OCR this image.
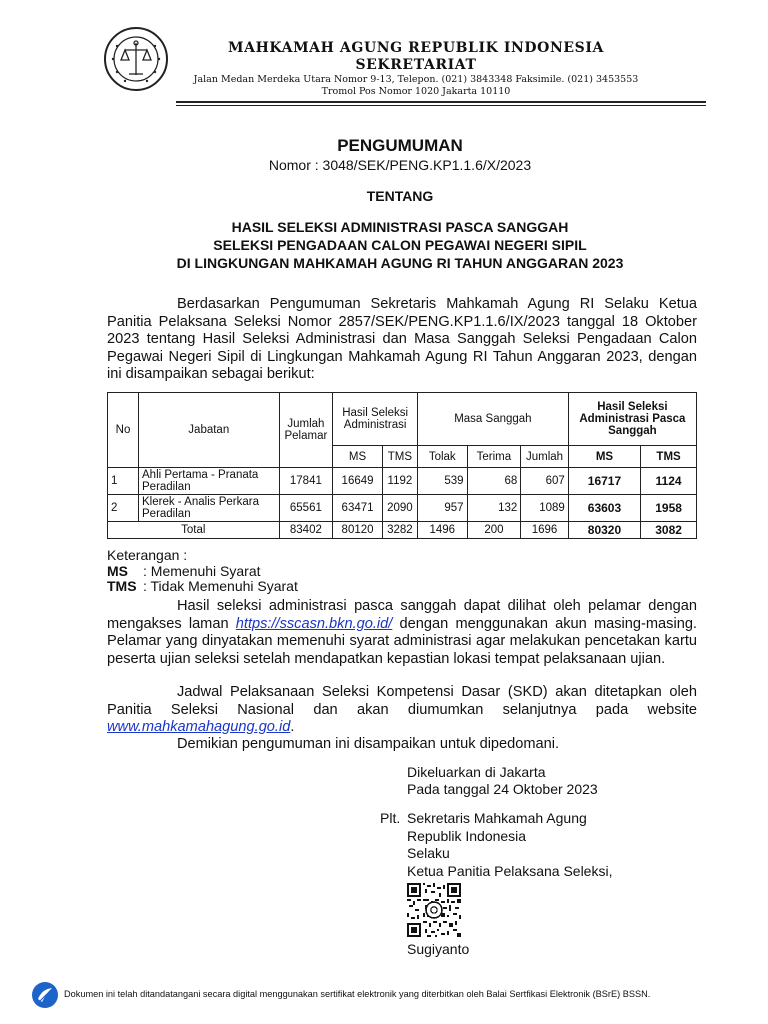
MAHKAMAH AGUNG REPUBLIK INDONESIA
SEKRETARIAT
Jalan Medan Merdeka Utara Nomor 9-13, Telepon. (021) 3843348 Faksimile. (021) 3453553
Tromol Pos Nomor 1020 Jakarta 10110
PENGUMUMAN
Nomor : 3048/SEK/PENG.KP1.1.6/X/2023
TENTANG
HASIL SELEKSI ADMINISTRASI PASCA SANGGAH
SELEKSI PENGADAAN CALON PEGAWAI NEGERI SIPIL
DI LINGKUNGAN MAHKAMAH AGUNG RI TAHUN ANGGARAN 2023

Berdasarkan Pengumuman Sekretaris Mahkamah Agung RI Selaku Ketua Panitia Pelaksana Seleksi Nomor 2857/SEK/PENG.KP1.1.6/IX/2023 tanggal 18 Oktober 2023 tentang Hasil Seleksi Administrasi dan Masa Sanggah Seleksi Pengadaan Calon Pegawai Negeri Sipil di Lingkungan Mahkamah Agung RI Tahun Anggaran 2023, dengan ini disampaikan sebagai berikut:

No	Jabatan	Jumlah Pelamar	Hasil Seleksi Administrasi		Masa Sanggah			Hasil Seleksi Administrasi Pasca Sanggah	
			MS	TMS	Tolak	Terima	Jumlah	MS	TMS
1	Ahli Pertama - Pranata Peradilan	17841	16649	1192	539	68	607	16717	1124
2	Klerek - Analis Perkara Peradilan	65561	63471	2090	957	132	1089	63603	1958
Total		83402	80120	3282	1496	200	1696	80320	3082
Keterangan :
MS : Memenuhi Syarat
TMS : Tidak Memenuhi Syarat

Hasil seleksi administrasi pasca sanggah dapat dilihat oleh pelamar dengan mengakses laman https://sscasn.bkn.go.id/ dengan menggunakan akun masing-masing. Pelamar yang dinyatakan memenuhi syarat administrasi agar melakukan pencetakan kartu peserta ujian seleksi setelah mendapatkan kepastian lokasi tempat pelaksanaan ujian.

Jadwal Pelaksanaan Seleksi Kompetensi Dasar (SKD) akan ditetapkan oleh Panitia Seleksi Nasional dan akan diumumkan selanjutnya pada website www.mahkamahagung.go.id.

Demikian pengumuman ini disampaikan untuk dipedomani.

Dikeluarkan di Jakarta
Pada tanggal 24 Oktober 2023
Plt. Sekretaris Mahkamah Agung
Republik Indonesia
Selaku
Ketua Panitia Pelaksana Seleksi,
Sugiyanto
Dokumen ini telah ditandatangani secara digital menggunakan sertifikat elektronik yang diterbitkan oleh Balai Sertfikasi Elektronik (BSrE) BSSN.
